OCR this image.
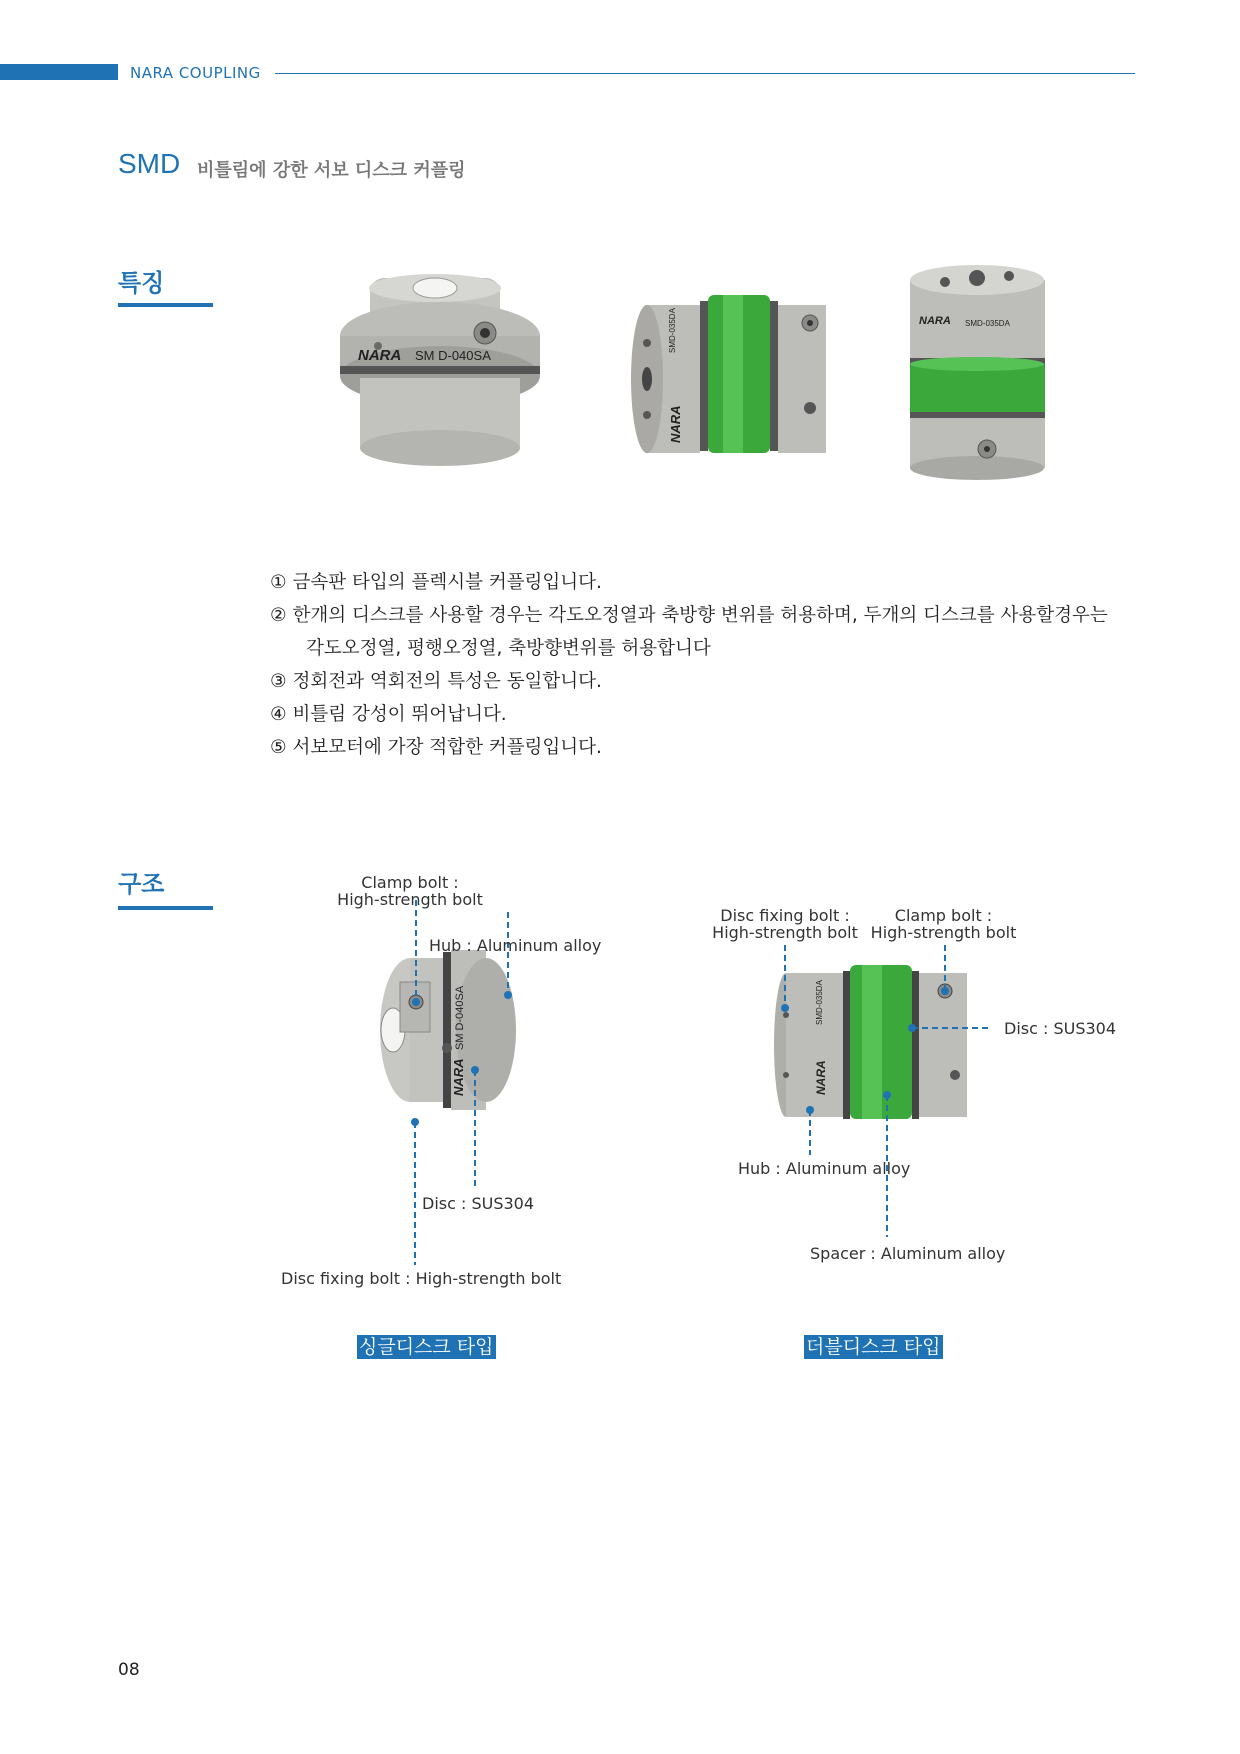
NARA COUPLING
SMD 비틀림에 강한 서보 디스크 커플링
특징
NARA SM D-040SA
NARA
SMD-035DA	NARA SMD-035DA
① 금속판 타입의 플렉시블 커플링입니다.
② 한개의 디스크를 사용할 경우는 각도오정열과 축방향 변위를 허용하며, 두개의 디스크를 사용할경우는
각도오정열, 평행오정열, 축방향변위를 허용합니다
③ 정회전과 역회전의 특성은 동일합니다.
④ 비틀림 강성이 뛰어납니다.
⑤ 서보모터에 가장 적합한 커플링입니다.
구조
NARA
SM D-040SA
Clamp bolt :
High-strength bolt
Hub : Aluminum alloy
Disc : SUS304
Disc fixing bolt : High-strength bolt
싱글디스크 타입
NARA
SMD-035DA
Disc fixing bolt :
High-strength bolt
Clamp bolt :
High-strength bolt
Disc : SUS304
Hub : Aluminum alloy
Spacer : Aluminum alloy
더블디스크 타입
08
